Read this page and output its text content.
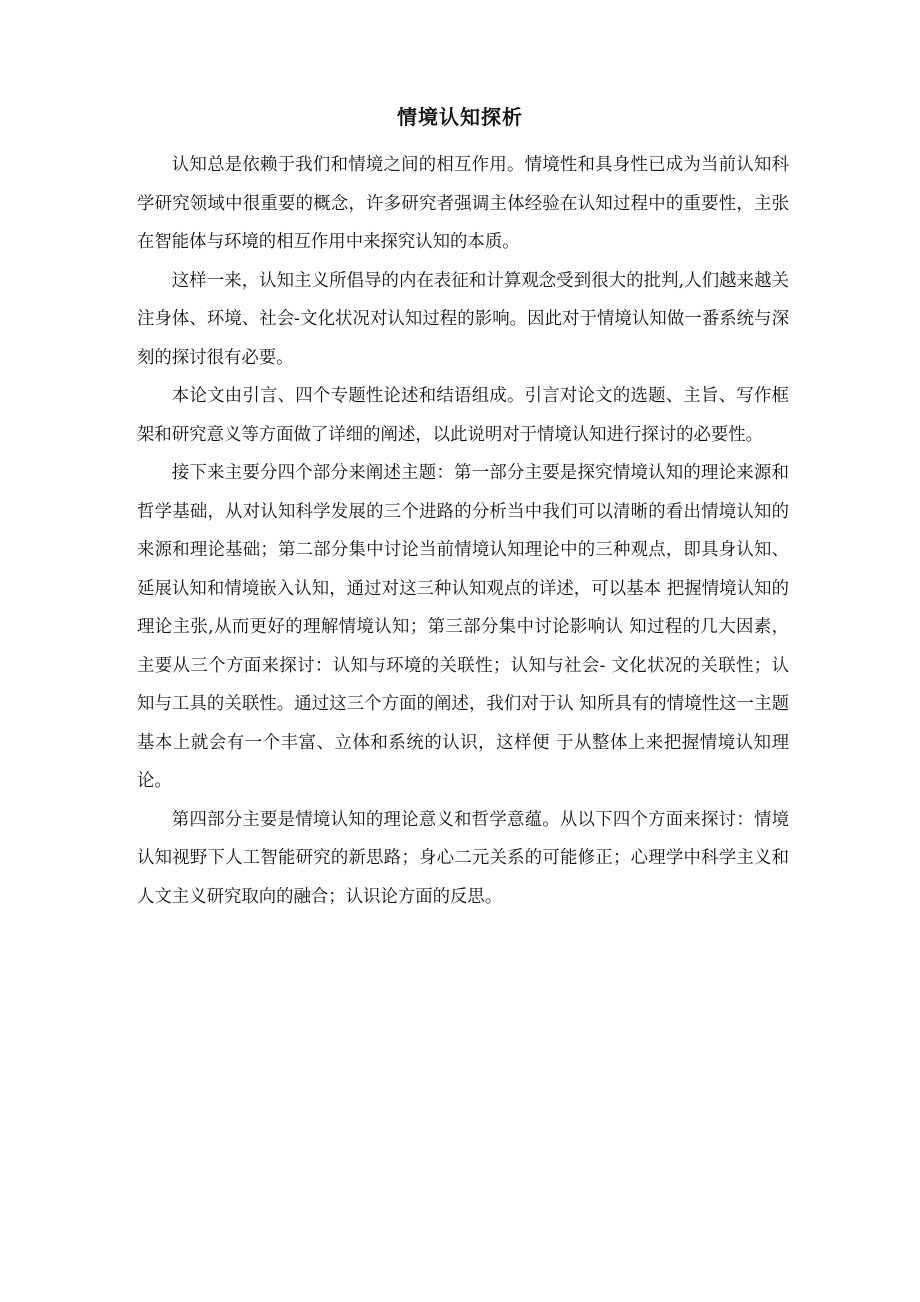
情境认知探析

认知总是依赖于我们和情境之间的相互作用。情境性和具身性已成为当前认知科学研究领域中很重要的概念，许多研究者强调主体经验在认知过程中的重要性，主张在智能体与环境的相互作用中来探究认知的本质。

这样一来，认知主义所倡导的内在表征和计算观念受到很大的批判,人们越来越关注身体、环境、社会-文化状况对认知过程的影响。因此对于情境认知做一番系统与深刻的探讨很有必要。

本论文由引言、四个专题性论述和结语组成。引言对论文的选题、主旨、写作框架和研究意义等方面做了详细的阐述，以此说明对于情境认知进行探讨的必要性。

接下来主要分四个部分来阐述主题：第一部分主要是探究情境认知的理论来源和哲学基础，从对认知科学发展的三个进路的分析当中我们可以清晰的看出情境认知的来源和理论基础；第二部分集中讨论当前情境认知理论中的三种观点，即具身认知、延展认知和情境嵌入认知，通过对这三种认知观点的详述，可以基本 把握情境认知的理论主张,从而更好的理解情境认知；第三部分集中讨论影响认 知过程的几大因素，主要从三个方面来探讨：认知与环境的关联性；认知与社会- 文化状况的关联性；认知与工具的关联性。通过这三个方面的阐述，我们对于认 知所具有的情境性这一主题基本上就会有一个丰富、立体和系统的认识，这样便 于从整体上来把握情境认知理论。

第四部分主要是情境认知的理论意义和哲学意蕴。从以下四个方面来探讨：情境认知视野下人工智能研究的新思路；身心二元关系的可能修正；心理学中科学主义和人文主义研究取向的融合；认识论方面的反思。
